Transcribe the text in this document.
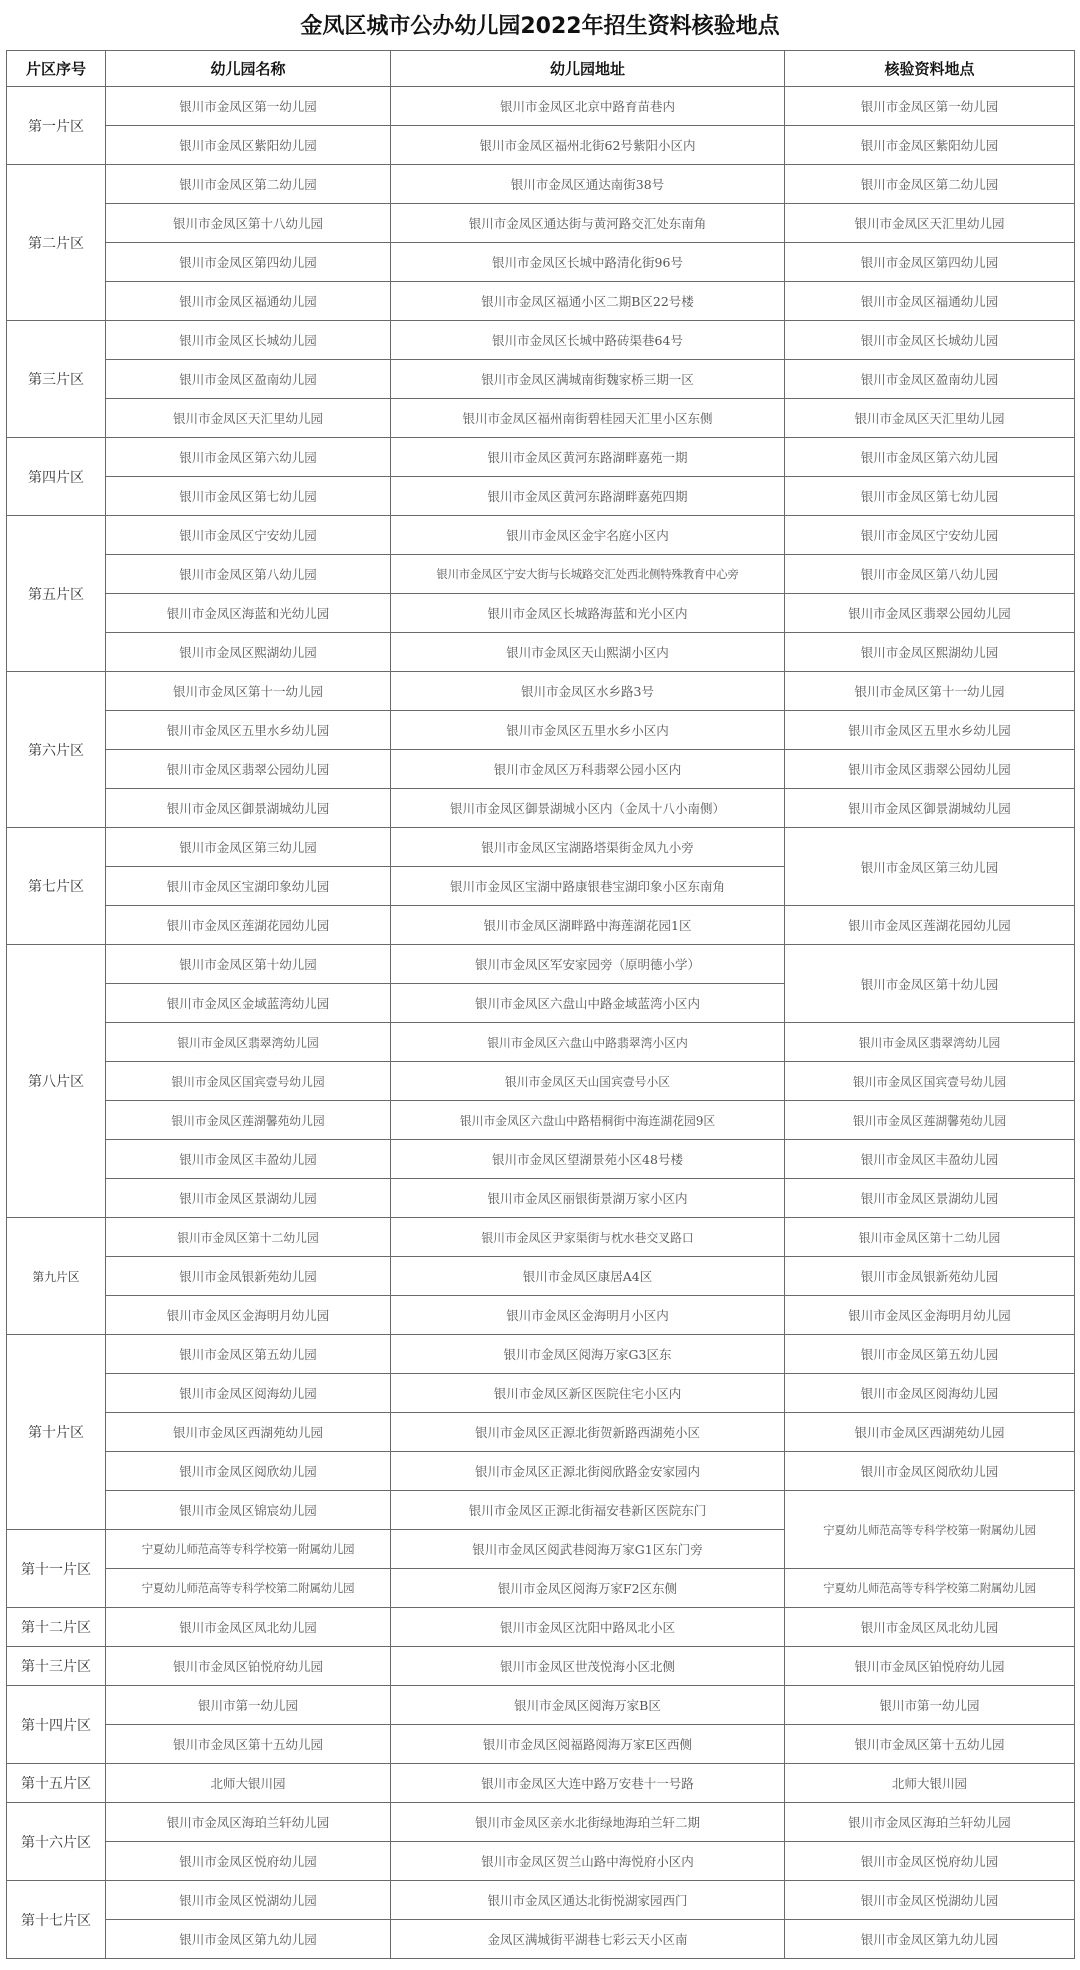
金凤区城市公办幼儿园2022年招生资料核验地点
片区序号	幼儿园名称	幼儿园地址	核验资料地点
第一片区	银川市金凤区第一幼儿园	银川市金凤区北京中路育苗巷内	银川市金凤区第一幼儿园
	银川市金凤区紫阳幼儿园	银川市金凤区福州北街62号紫阳小区内	银川市金凤区紫阳幼儿园
第二片区	银川市金凤区第二幼儿园	银川市金凤区通达南街38号	银川市金凤区第二幼儿园
	银川市金凤区第十八幼儿园	银川市金凤区通达街与黄河路交汇处东南角	银川市金凤区天汇里幼儿园
	银川市金凤区第四幼儿园	银川市金凤区长城中路清化街96号	银川市金凤区第四幼儿园
	银川市金凤区福通幼儿园	银川市金凤区福通小区二期B区22号楼	银川市金凤区福通幼儿园
第三片区	银川市金凤区长城幼儿园	银川市金凤区长城中路砖渠巷64号	银川市金凤区长城幼儿园
	银川市金凤区盈南幼儿园	银川市金凤区满城南街魏家桥三期一区	银川市金凤区盈南幼儿园
	银川市金凤区天汇里幼儿园	银川市金凤区福州南街碧桂园天汇里小区东侧	银川市金凤区天汇里幼儿园
第四片区	银川市金凤区第六幼儿园	银川市金凤区黄河东路湖畔嘉苑一期	银川市金凤区第六幼儿园
	银川市金凤区第七幼儿园	银川市金凤区黄河东路湖畔嘉苑四期	银川市金凤区第七幼儿园
第五片区	银川市金凤区宁安幼儿园	银川市金凤区金宇名庭小区内	银川市金凤区宁安幼儿园
	银川市金凤区第八幼儿园	银川市金凤区宁安大街与长城路交汇处西北侧特殊教育中心旁	银川市金凤区第八幼儿园
	银川市金凤区海蓝和光幼儿园	银川市金凤区长城路海蓝和光小区内	银川市金凤区翡翠公园幼儿园
	银川市金凤区熙湖幼儿园	银川市金凤区天山熙湖小区内	银川市金凤区熙湖幼儿园
第六片区	银川市金凤区第十一幼儿园	银川市金凤区水乡路3号	银川市金凤区第十一幼儿园
	银川市金凤区五里水乡幼儿园	银川市金凤区五里水乡小区内	银川市金凤区五里水乡幼儿园
	银川市金凤区翡翠公园幼儿园	银川市金凤区万科翡翠公园小区内	银川市金凤区翡翠公园幼儿园
	银川市金凤区御景湖城幼儿园	银川市金凤区御景湖城小区内（金凤十八小南侧）	银川市金凤区御景湖城幼儿园
第七片区	银川市金凤区第三幼儿园	银川市金凤区宝湖路塔渠街金凤九小旁	银川市金凤区第三幼儿园
	银川市金凤区宝湖印象幼儿园	银川市金凤区宝湖中路康银巷宝湖印象小区东南角	
	银川市金凤区莲湖花园幼儿园	银川市金凤区湖畔路中海莲湖花园1区	银川市金凤区莲湖花园幼儿园
第八片区	银川市金凤区第十幼儿园	银川市金凤区军安家园旁（原明德小学）	银川市金凤区第十幼儿园
	银川市金凤区金域蓝湾幼儿园	银川市金凤区六盘山中路金域蓝湾小区内	
	银川市金凤区翡翠湾幼儿园	银川市金凤区六盘山中路翡翠湾小区内	银川市金凤区翡翠湾幼儿园
	银川市金凤区国宾壹号幼儿园	银川市金凤区天山国宾壹号小区	银川市金凤区国宾壹号幼儿园
	银川市金凤区莲湖馨苑幼儿园	银川市金凤区六盘山中路梧桐街中海连湖花园9区	银川市金凤区莲湖馨苑幼儿园
	银川市金凤区丰盈幼儿园	银川市金凤区望湖景苑小区48号楼	银川市金凤区丰盈幼儿园
	银川市金凤区景湖幼儿园	银川市金凤区丽银街景湖万家小区内	银川市金凤区景湖幼儿园
第九片区	银川市金凤区第十二幼儿园	银川市金凤区尹家渠街与枕水巷交叉路口	银川市金凤区第十二幼儿园
	银川市金凤银新苑幼儿园	银川市金凤区康居A4区	银川市金凤银新苑幼儿园
	银川市金凤区金海明月幼儿园	银川市金凤区金海明月小区内	银川市金凤区金海明月幼儿园
第十片区	银川市金凤区第五幼儿园	银川市金凤区阅海万家G3区东	银川市金凤区第五幼儿园
	银川市金凤区阅海幼儿园	银川市金凤区新区医院住宅小区内	银川市金凤区阅海幼儿园
	银川市金凤区西湖苑幼儿园	银川市金凤区正源北街贺新路西湖苑小区	银川市金凤区西湖苑幼儿园
	银川市金凤区阅欣幼儿园	银川市金凤区正源北街阅欣路金安家园内	银川市金凤区阅欣幼儿园
	银川市金凤区锦宸幼儿园	银川市金凤区正源北街福安巷新区医院东门	宁夏幼儿师范高等专科学校第一附属幼儿园
第十一片区	宁夏幼儿师范高等专科学校第一附属幼儿园	银川市金凤区阅武巷阅海万家G1区东门旁	
	宁夏幼儿师范高等专科学校第二附属幼儿园	银川市金凤区阅海万家F2区东侧	宁夏幼儿师范高等专科学校第二附属幼儿园
第十二片区	银川市金凤区凤北幼儿园	银川市金凤区沈阳中路凤北小区	银川市金凤区凤北幼儿园
第十三片区	银川市金凤区铂悦府幼儿园	银川市金凤区世茂悦海小区北侧	银川市金凤区铂悦府幼儿园
第十四片区	银川市第一幼儿园	银川市金凤区阅海万家B区	银川市第一幼儿园
	银川市金凤区第十五幼儿园	银川市金凤区阅福路阅海万家E区西侧	银川市金凤区第十五幼儿园
第十五片区	北师大银川园	银川市金凤区大连中路万安巷十一号路	北师大银川园
第十六片区	银川市金凤区海珀兰轩幼儿园	银川市金凤区亲水北街绿地海珀兰轩二期	银川市金凤区海珀兰轩幼儿园
	银川市金凤区悦府幼儿园	银川市金凤区贺兰山路中海悦府小区内	银川市金凤区悦府幼儿园
第十七片区	银川市金凤区悦湖幼儿园	银川市金凤区通达北街悦湖家园西门	银川市金凤区悦湖幼儿园
	银川市金凤区第九幼儿园	金凤区满城街平湖巷七彩云天小区南	银川市金凤区第九幼儿园
